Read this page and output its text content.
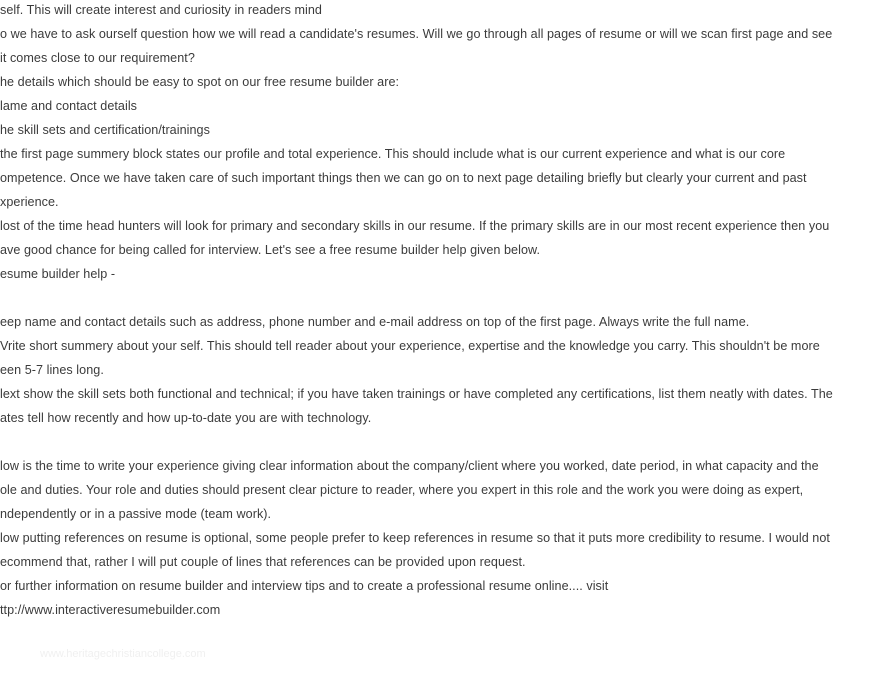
self. This will create interest and curiosity in readers mind
o we have to ask ourself question how we will read a candidate's resumes. Will we go through all pages of resume or will we scan first page and see
it comes close to our requirement?
he details which should be easy to spot on our free resume builder are:
lame and contact details
he skill sets and certification/trainings
the first page summery block states our profile and total experience. This should include what is our current experience and what is our core
ompetence. Once we have taken care of such important things then we can go on to next page detailing briefly but clearly your current and past
xperience.
lost of the time head hunters will look for primary and secondary skills in our resume. If the primary skills are in our most recent experience then you
ave good chance for being called for interview. Let's see a free resume builder help given below.
esume builder help -
eep name and contact details such as address, phone number and e-mail address on top of the first page. Always write the full name.
Vrite short summery about your self. This should tell reader about your experience, expertise and the knowledge you carry. This shouldn't be more
een 5-7 lines long.
lext show the skill sets both functional and technical; if you have taken trainings or have completed any certifications, list them neatly with dates. The
ates tell how recently and how up-to-date you are with technology.
low is the time to write your experience giving clear information about the company/client where you worked, date period, in what capacity and the
ole and duties. Your role and duties should present clear picture to reader, where you expert in this role and the work you were doing as expert,
ndependently or in a passive mode (team work).
low putting references on resume is optional, some people prefer to keep references in resume so that it puts more credibility to resume. I would not
ecommend that, rather I will put couple of lines that references can be provided upon request.
or further information on resume builder and interview tips and to create a professional resume online.... visit
ttp://www.interactiveresumebuilder.com
www.heritagechristiancollege.com
